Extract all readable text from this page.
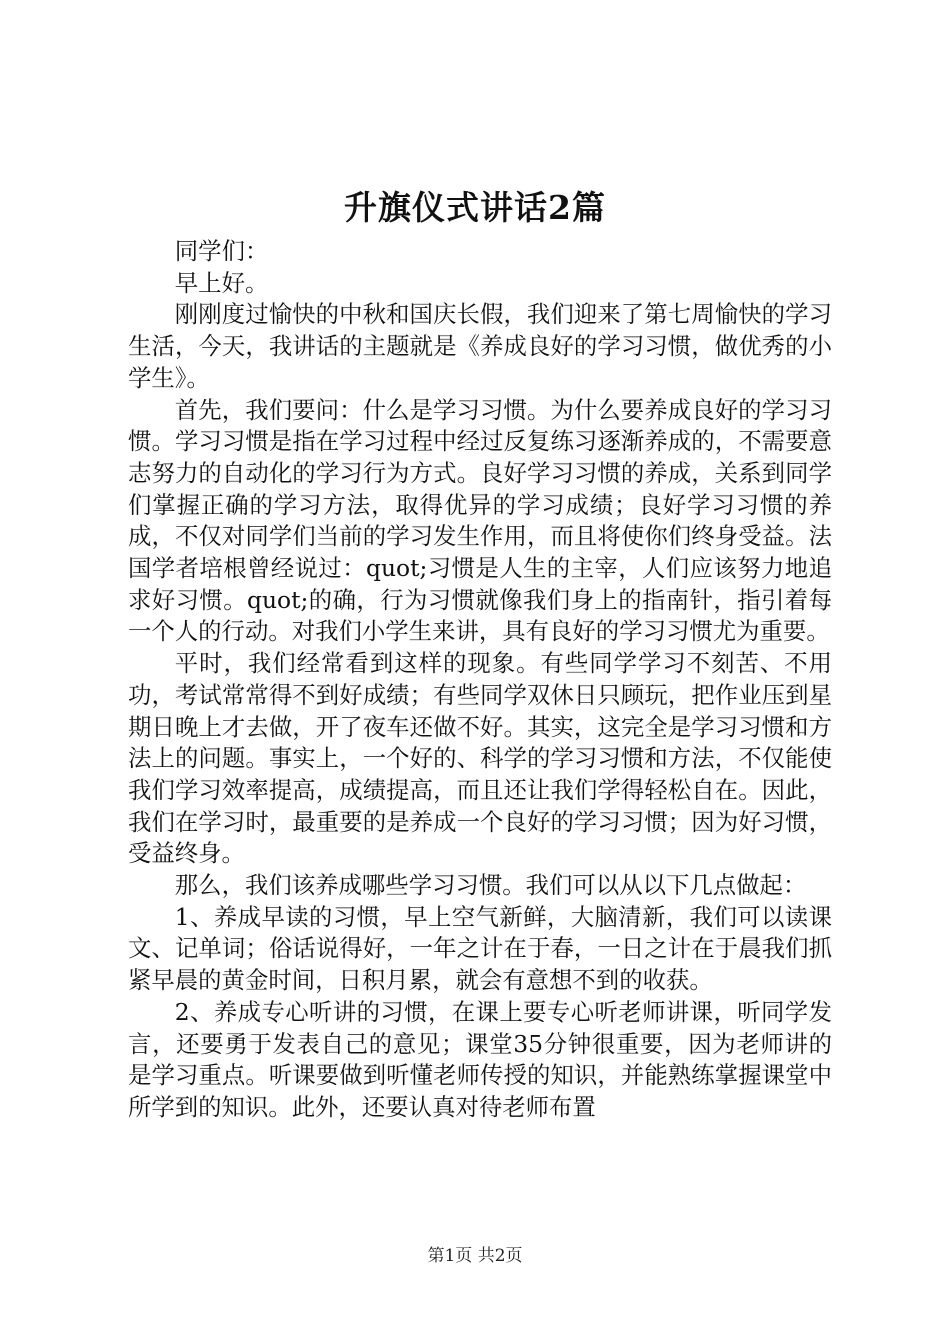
升旗仪式讲话2篇

同学们：

早上好。

刚刚度过愉快的中秋和国庆长假，我们迎来了第七周愉快的学习生活，今天，我讲话的主题就是《养成良好的学习习惯，做优秀的小学生》。

首先，我们要问：什么是学习习惯。为什么要养成良好的学习习惯。学习习惯是指在学习过程中经过反复练习逐渐养成的，不需要意志努力的自动化的学习行为方式。良好学习习惯的养成，关系到同学们掌握正确的学习方法，取得优异的学习成绩；良好学习习惯的养成，不仅对同学们当前的学习发生作用，而且将使你们终身受益。法国学者培根曾经说过：quot;习惯是人生的主宰，人们应该努力地追求好习惯。quot;的确，行为习惯就像我们身上的指南针，指引着每一个人的行动。对我们小学生来讲，具有良好的学习习惯尤为重要。

平时，我们经常看到这样的现象。有些同学学习不刻苦、不用功，考试常常得不到好成绩；有些同学双休日只顾玩，把作业压到星期日晚上才去做，开了夜车还做不好。其实，这完全是学习习惯和方法上的问题。事实上，一个好的、科学的学习习惯和方法，不仅能使我们学习效率提高，成绩提高，而且还让我们学得轻松自在。因此，我们在学习时，最重要的是养成一个良好的学习习惯；因为好习惯，受益终身。

那么，我们该养成哪些学习习惯。我们可以从以下几点做起：

1、养成早读的习惯，早上空气新鲜，大脑清新，我们可以读课文、记单词；俗话说得好，一年之计在于春，一日之计在于晨我们抓紧早晨的黄金时间，日积月累，就会有意想不到的收获。

2、养成专心听讲的习惯，在课上要专心听老师讲课，听同学发言，还要勇于发表自己的意见；课堂35分钟很重要，因为老师讲的是学习重点。听课要做到听懂老师传授的知识，并能熟练掌握课堂中所学到的知识。此外，还要认真对待老师布置

第1页 共2页
